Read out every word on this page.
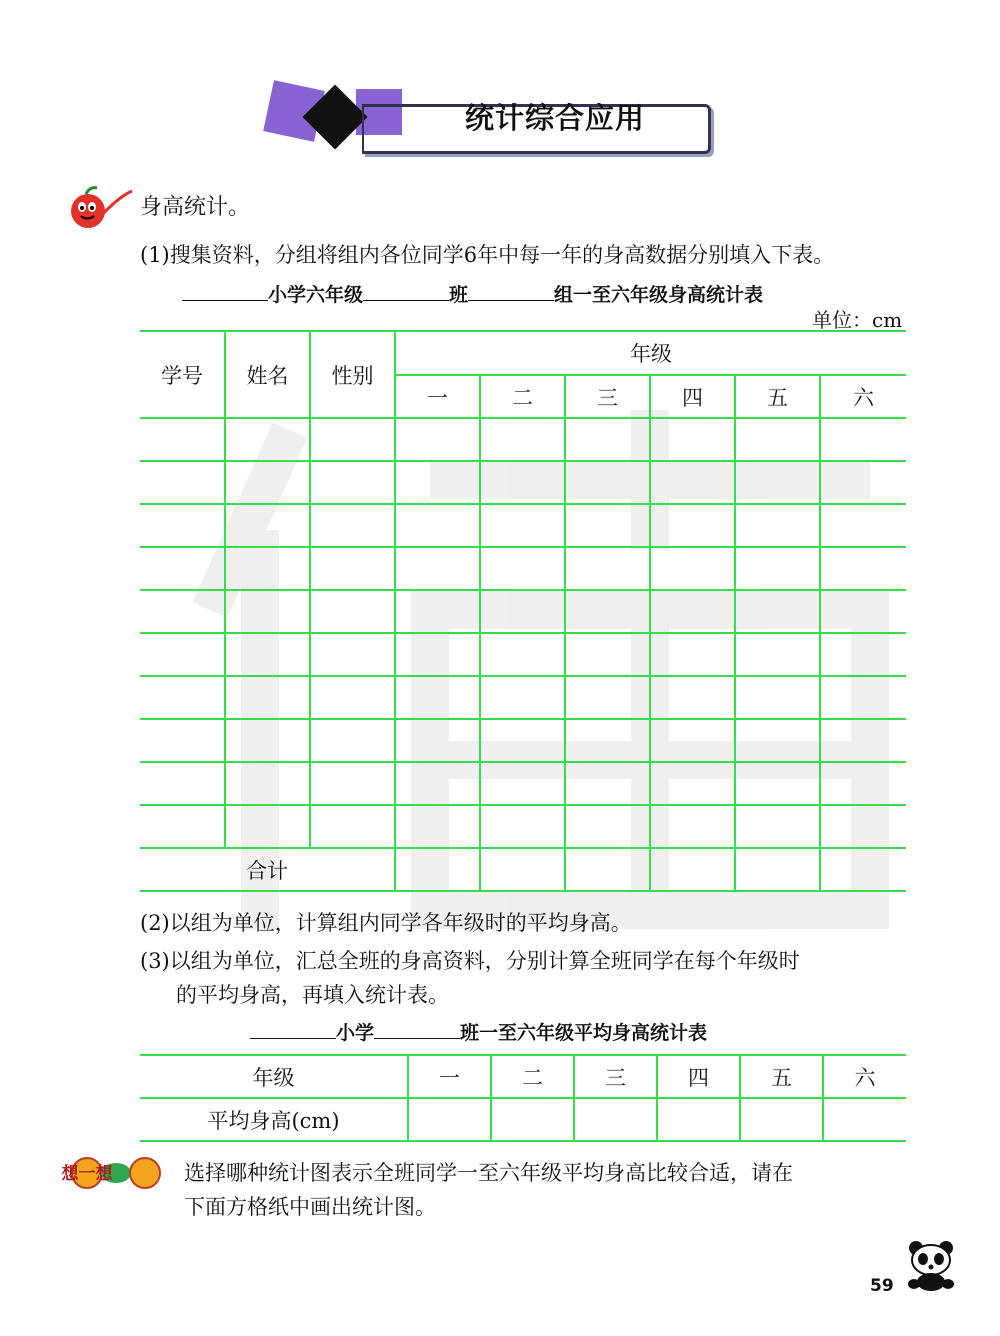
统计综合应用
身高统计。
(1)搜集资料，分组将组内各位同学6年中每一年的身高数据分别填入下表。
小学六年级	班	组一至六年级身高统计表
单位：cm
学号	姓名	性别	年级					
			一	二	三	四	五	六

合计								
(2)以组为单位，计算组内同学各年级时的平均身高。
(3)以组为单位，汇总全班的身高资料，分别计算全班同学在每个年级时
的平均身高，再填入统计表。
小学	班一至六年级平均身高统计表
年级	一	二	三	四	五	六
平均身高(cm)						
想一想	选择哪种统计图表示全班同学一至六年级平均身高比较合适，请在
下面方格纸中画出统计图。
59
